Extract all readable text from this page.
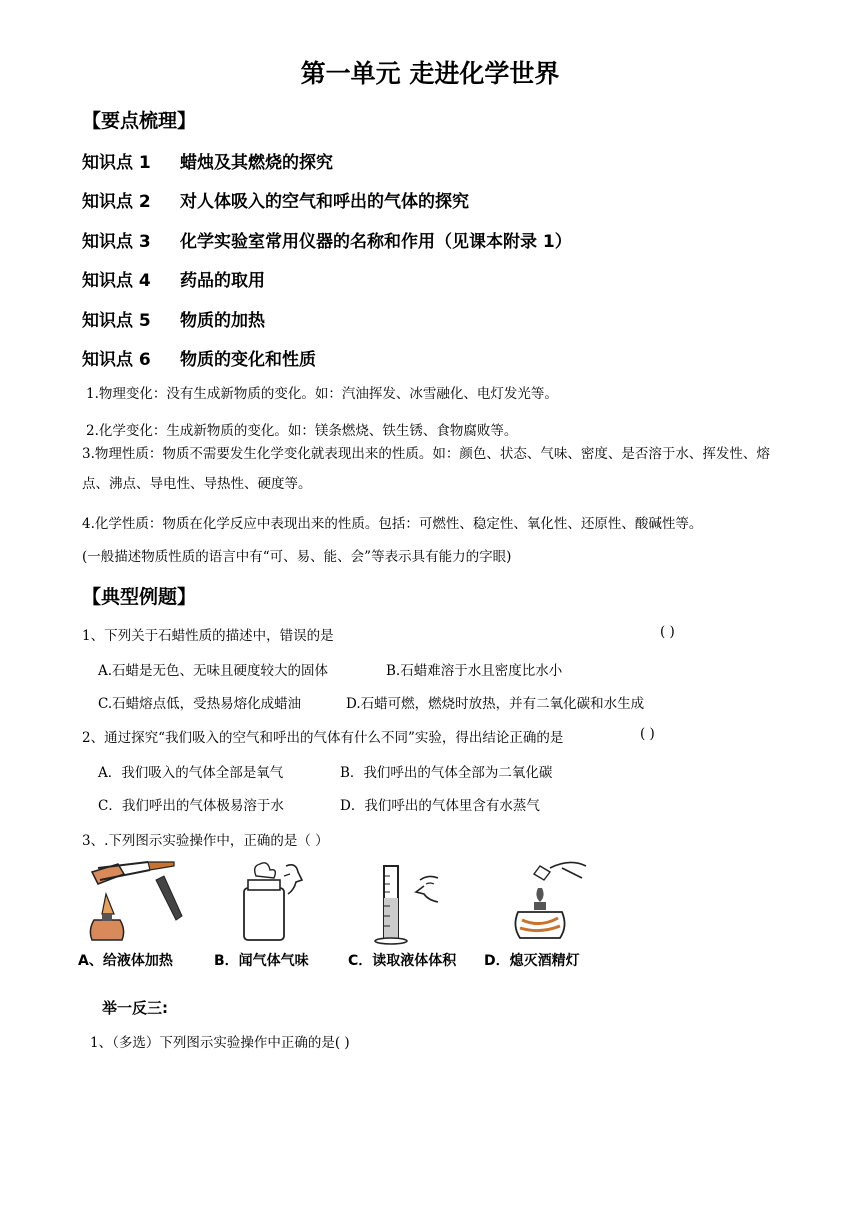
第一单元 走进化学世界
【要点梳理】
知识点 1 蜡烛及其燃烧的探究
知识点 2 对人体吸入的空气和呼出的气体的探究
知识点 3 化学实验室常用仪器的名称和作用（见课本附录 1）
知识点 4 药品的取用
知识点 5 物质的加热
知识点 6 物质的变化和性质
1.物理变化：没有生成新物质的变化。如：汽油挥发、冰雪融化、电灯发光等。
2.化学变化：生成新物质的变化。如：镁条燃烧、铁生锈、食物腐败等。
3.物理性质：物质不需要发生化学变化就表现出来的性质。如：颜色、状态、气味、密度、是否溶于水、挥发性、熔点、沸点、导电性、导热性、硬度等。
4.化学性质：物质在化学反应中表现出来的性质。包括：可燃性、稳定性、氧化性、还原性、酸碱性等。
(一般描述物质性质的语言中有“可、易、能、会”等表示具有能力的字眼)
【典型例题】
1、下列关于石蜡性质的描述中，错误的是	( )
A.石蜡是无色、无味且硬度较大的固体	B.石蜡难溶于水且密度比水小
C.石蜡熔点低，受热易熔化成蜡油	D.石蜡可燃，燃烧时放热，并有二氧化碳和水生成
2、通过探究“我们吸入的空气和呼出的气体有什么不同”实验，得出结论正确的是	( )
A．我们吸入的气体全部是氧气	B．我们呼出的气体全部为二氧化碳
C．我们呼出的气体极易溶于水	D．我们呼出的气体里含有水蒸气
3、.下列图示实验操作中，正确的是（ ）
A、给液体加热	B．闻气体气味	C．读取液体体积 D．熄灭酒精灯
举一反三:
1、（多选）下列图示实验操作中正确的是( )
